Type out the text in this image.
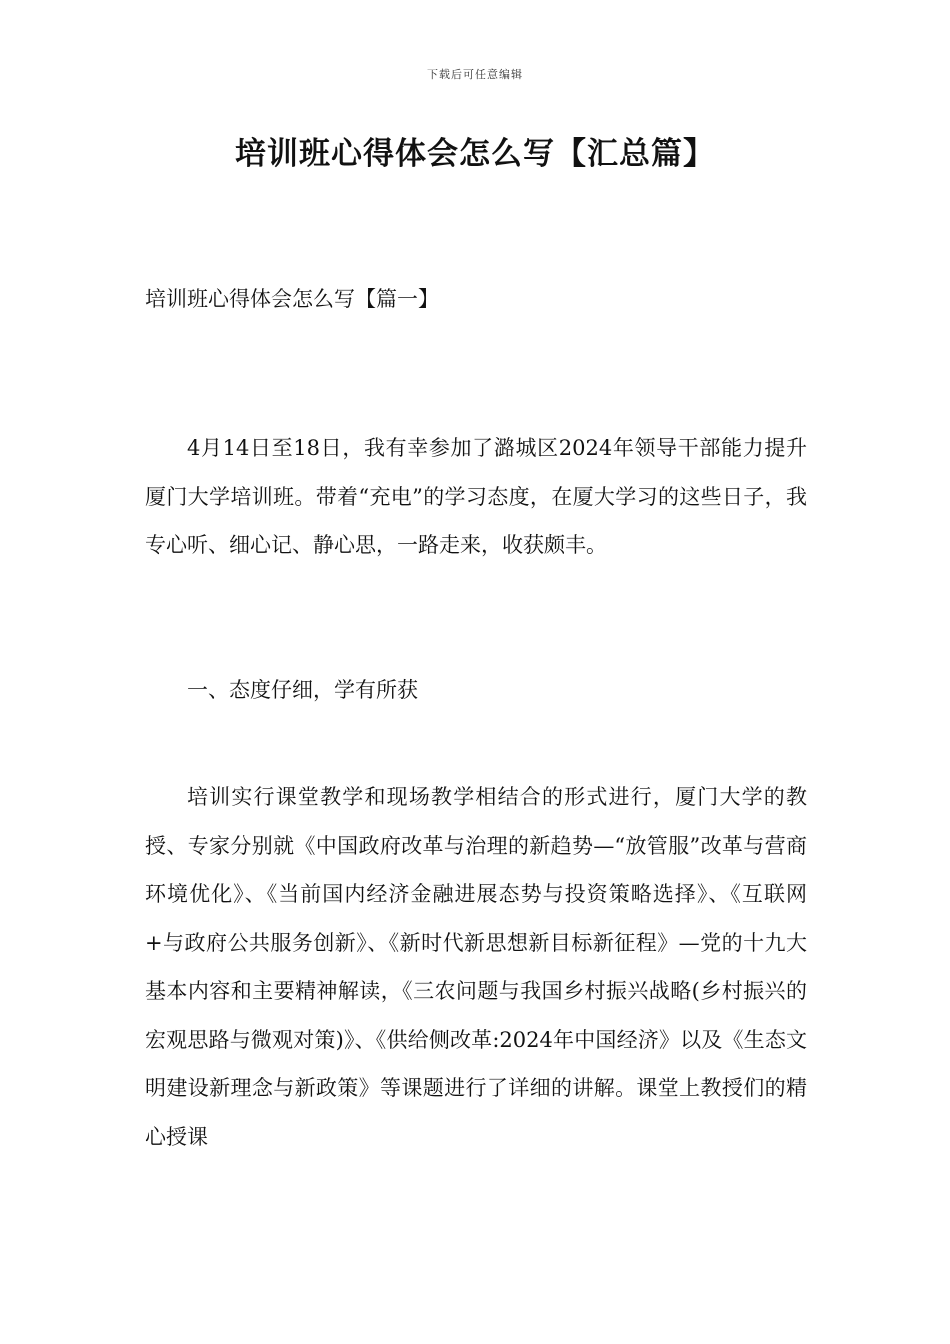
下载后可任意编辑
培训班心得体会怎么写【汇总篇】
培训班心得体会怎么写【篇一】

4月14日至18日，我有幸参加了潞城区2024年领导干部能力提升厦门大学培训班。带着“充电”的学习态度，在厦大学习的这些日子，我专心听、细心记、静心思，一路走来，收获颇丰。

一、态度仔细，学有所获

培训实行课堂教学和现场教学相结合的形式进行，厦门大学的教授、专家分别就《中国政府改革与治理的新趋势—“放管服”改革与营商环境优化》、《当前国内经济金融进展态势与投资策略选择》、《互联网+与政府公共服务创新》、《新时代新思想新目标新征程》—党的十九大基本内容和主要精神解读，《三农问题与我国乡村振兴战略(乡村振兴的宏观思路与微观对策)》、《供给侧改革:2024年中国经济》以及《生态文明建设新理念与新政策》等课题进行了详细的讲解。课堂上教授们的精心授课
